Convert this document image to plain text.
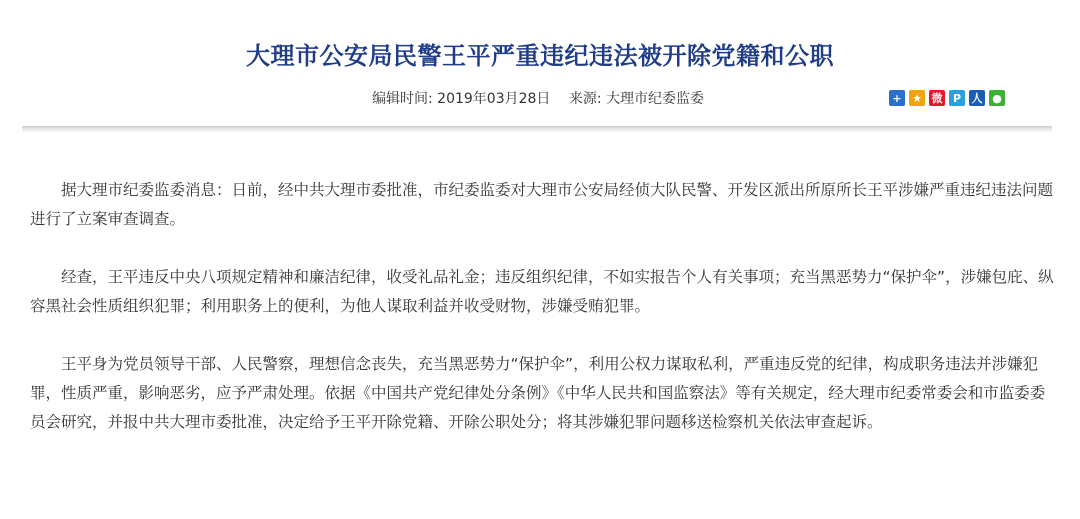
大理市公安局民警王平严重违纪违法被开除党籍和公职
编辑时间: 2019年03月28日 来源: 大理市纪委监委	+ ★ 微 P 人 ●

据大理市纪委监委消息：日前，经中共大理市委批准，市纪委监委对大理市公安局经侦大队民警、开发区派出所原所长王平涉嫌严重违纪违法问题进行了立案审查调查。

经查，王平违反中央八项规定精神和廉洁纪律，收受礼品礼金；违反组织纪律，不如实报告个人有关事项；充当黑恶势力“保护伞”，涉嫌包庇、纵容黑社会性质组织犯罪；利用职务上的便利，为他人谋取利益并收受财物，涉嫌受贿犯罪。

王平身为党员领导干部、人民警察，理想信念丧失，充当黑恶势力“保护伞”，利用公权力谋取私利，严重违反党的纪律，构成职务违法并涉嫌犯罪，性质严重，影响恶劣，应予严肃处理。依据《中国共产党纪律处分条例》《中华人民共和国监察法》等有关规定，经大理市纪委常委会和市监委委员会研究，并报中共大理市委批准，决定给予王平开除党籍、开除公职处分；将其涉嫌犯罪问题移送检察机关依法审查起诉。
